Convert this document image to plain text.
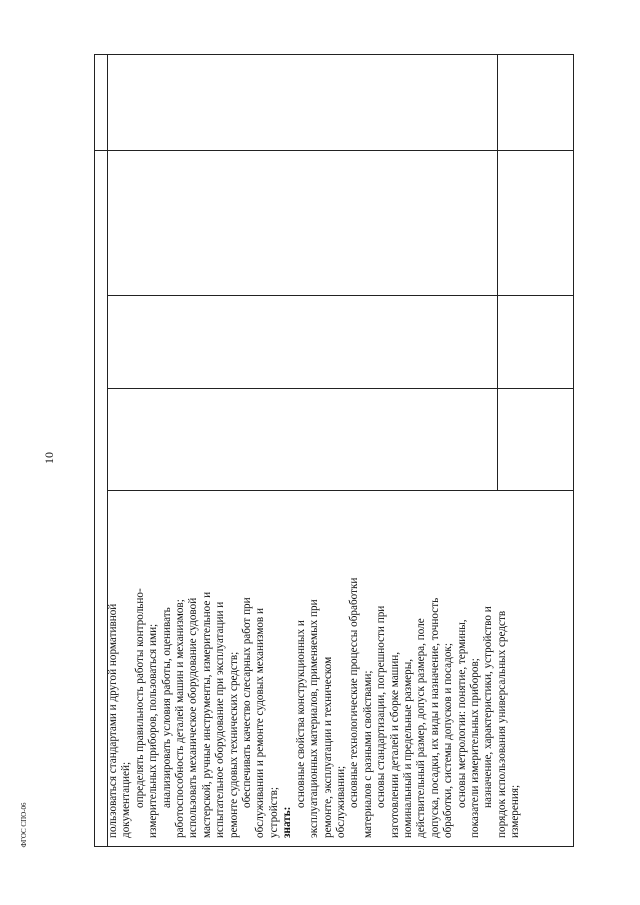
10
ФГОС СПО-06	пользоваться стандартами и другой нормативной документацией; определять правильность работы контрольно- измерительных приборов, пользоваться ими; анализировать условия работы, оценивать работоспособность деталей машин и механизмов; использовать механическое оборудование судовой мастерской, ручные инструменты, измерительное и испытательное оборудование при эксплуатации и ремонте судовых технических средств; обеспечивать качество слесарных работ при обслуживании и ремонте судовых механизмов и устройств; знать:
основные свойства конструкционных и эксплуатационных материалов, применяемых при ремонте, эксплуатации и техническом обслуживании; основные технологические процессы обработки материалов с разными свойствами; основы стандартизации, погрешности при изготовлении деталей и сборке машин, номинальный и предельные размеры, действительный размер, допуск размера, поле допуска, посадки, их виды и назначение, точность обработки, системы допусков и посадок; основы метрологии: понятие, термины, показатели измерительных приборов; назначение, характеристики, устройство и порядок использования универсальных средств измерения;
